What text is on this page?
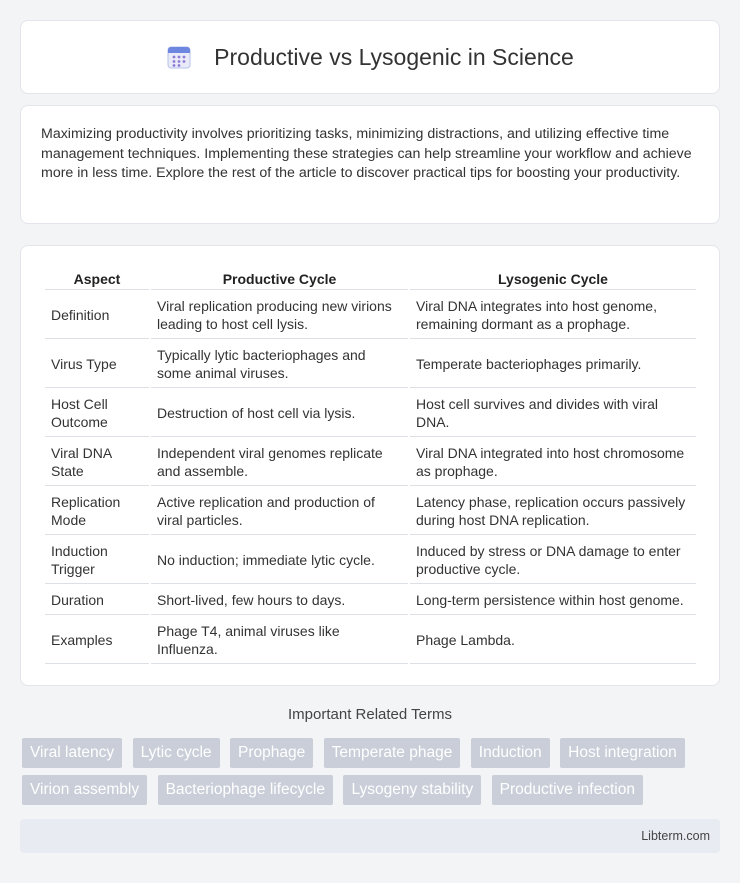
Productive vs Lysogenic in Science

Maximizing productivity involves prioritizing tasks, minimizing distractions, and utilizing effective time management techniques. Implementing these strategies can help streamline your workflow and achieve more in less time. Explore the rest of the article to discover practical tips for boosting your productivity.

Aspect	Productive Cycle	Lysogenic Cycle
Definition	Viral replication producing new virions leading to host cell lysis.	Viral DNA integrates into host genome, remaining dormant as a prophage.
Virus Type	Typically lytic bacteriophages and some animal viruses.	Temperate bacteriophages primarily.
Host Cell Outcome	Destruction of host cell via lysis.	Host cell survives and divides with viral DNA.
Viral DNA State	Independent viral genomes replicate and assemble.	Viral DNA integrated into host chromosome as prophage.
Replication Mode	Active replication and production of viral particles.	Latency phase, replication occurs passively during host DNA replication.
Induction Trigger	No induction; immediate lytic cycle.	Induced by stress or DNA damage to enter productive cycle.
Duration	Short-lived, few hours to days.	Long-term persistence within host genome.
Examples	Phage T4, animal viruses like Influenza.	Phage Lambda.
Important Related Terms
Viral latency Lytic cycle Prophage Temperate phage Induction Host integration Virion assembly Bacteriophage lifecycle Lysogeny stability Productive infection
Libterm.com
